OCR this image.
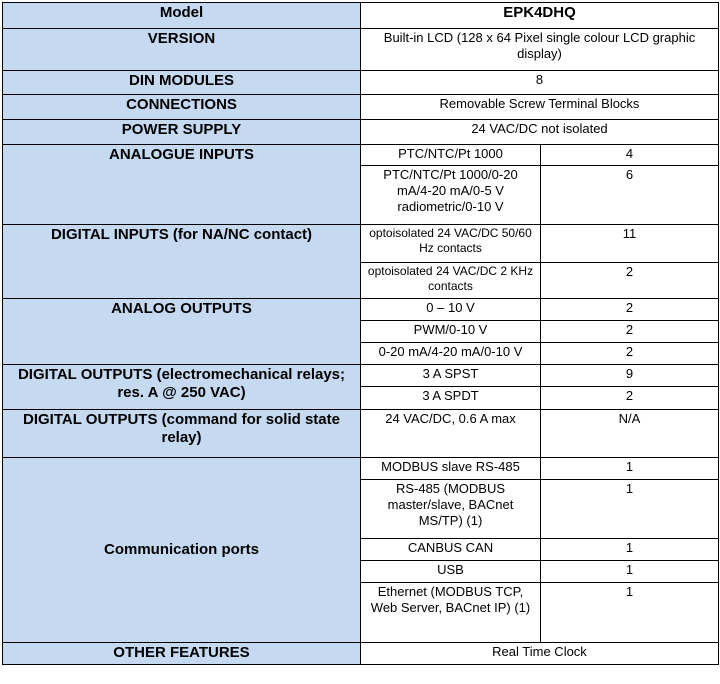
Model	EPK4DHQ	
VERSION	Built-in LCD (128 x 64 Pixel single colour LCD graphic display)	
DIN MODULES	8	
CONNECTIONS	Removable Screw Terminal Blocks	
POWER SUPPLY	24 VAC/DC not isolated	
ANALOGUE INPUTS	PTC/NTC/Pt 1000	4
	PTC/NTC/Pt 1000/0-20 mA/4-20 mA/0-5 V radiometric/0-10 V	6
DIGITAL INPUTS (for NA/NC contact)	optoisolated 24 VAC/DC 50/60 Hz contacts	11
	optoisolated 24 VAC/DC 2 KHz contacts	2
ANALOG OUTPUTS	0 – 10 V	2
	PWM/0-10 V	2
	0-20 mA/4-20 mA/0-10 V	2
DIGITAL OUTPUTS (electromechanical relays; res. A @ 250 VAC)	3 A SPST	9
	3 A SPDT	2
DIGITAL OUTPUTS (command for solid state relay)	24 VAC/DC, 0.6 A max	N/A
Communication ports	MODBUS slave RS-485	1
	RS-485 (MODBUS master/slave, BACnet MS/TP) (1)	1
	CANBUS CAN	1
	USB	1
	Ethernet (MODBUS TCP, Web Server, BACnet IP) (1)	1
OTHER FEATURES	Real Time Clock	
